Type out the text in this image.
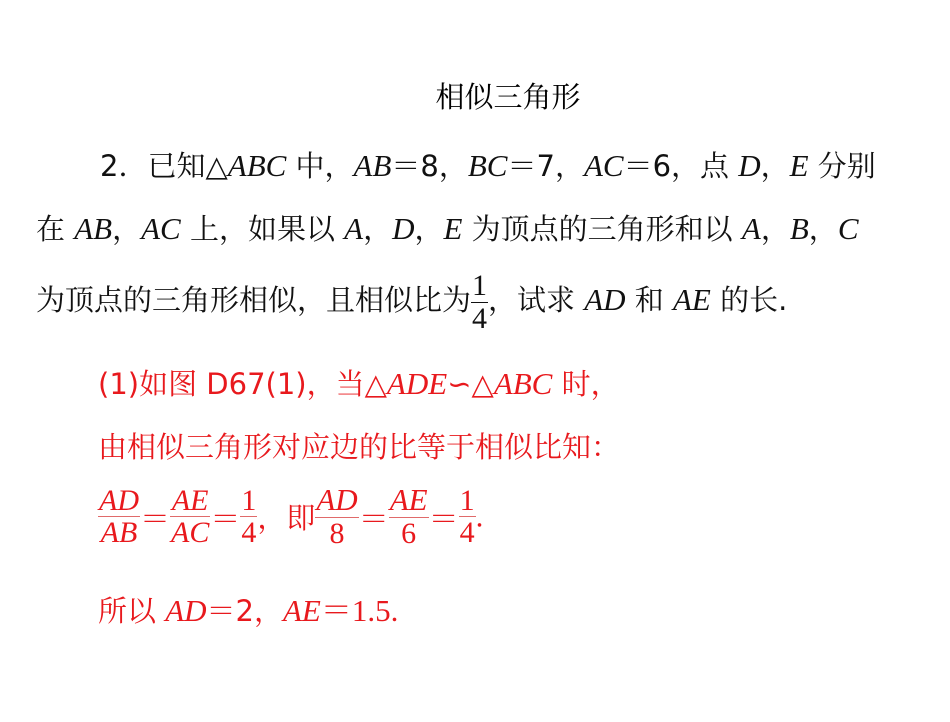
相似三角形
2．已知△ABC 中，AB＝8，BC＝7，AC＝6，点 D，E 分别
在 AB，AC 上，如果以 A，D，E 为顶点的三角形和以 A，B，C
为顶点的三角形相似，且相似比为 $\frac{1}{4}$ ，试求 AD 和 AE 的长.
(1)如图 D67(1)，当△ADE∽△ABC 时，
由相似三角形对应边的比等于相似比知：
$\frac{AD}{AB} = \frac{AE}{AC} = \frac{1}{4}$ ，即 $\frac{AD}{8} = \frac{AE}{6} = \frac{1}{4}$ .
所以 AD＝2，AE＝1.5.
